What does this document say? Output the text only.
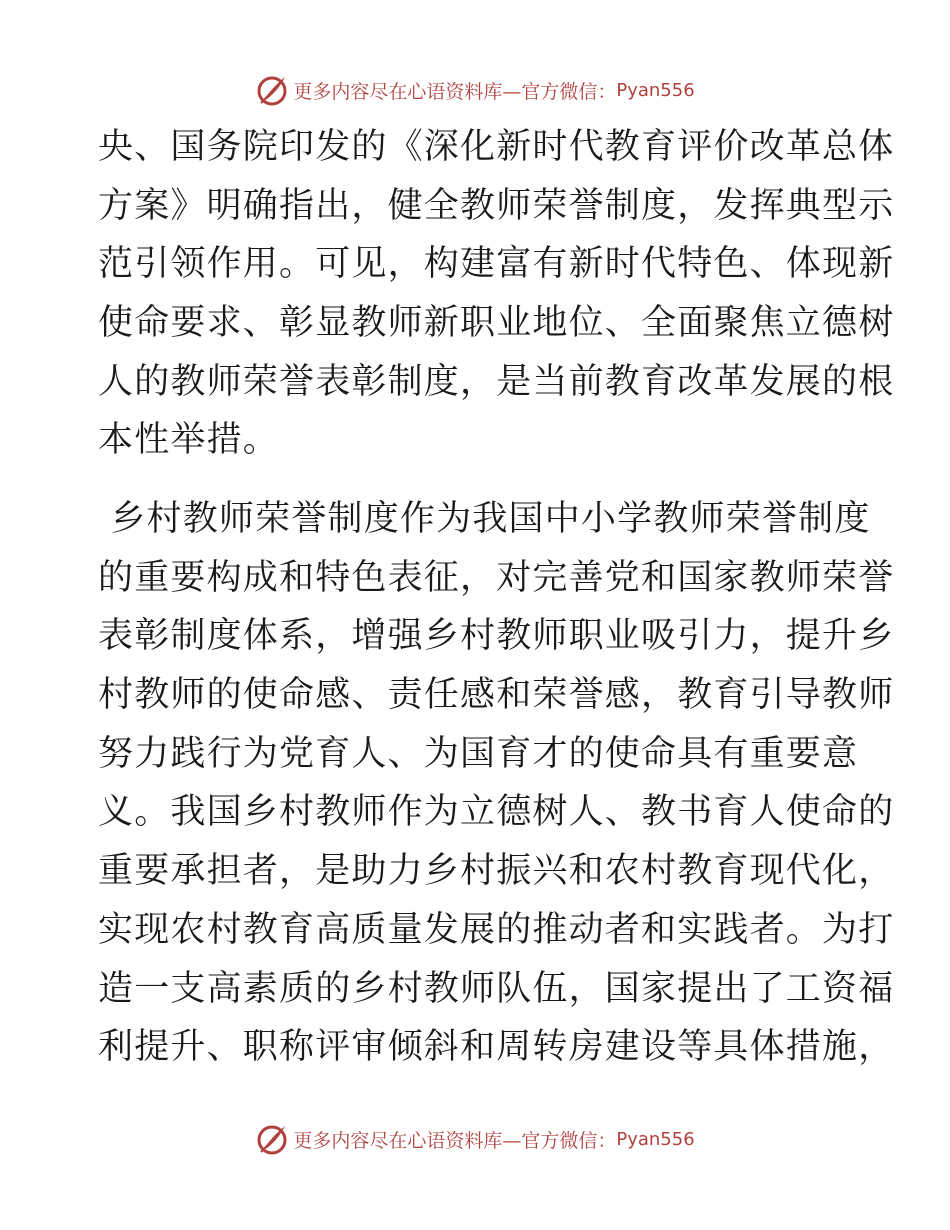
更多内容尽在心语资料库—官方微信： Pyan556
央、国务院印发的《深化新时代教育评价改革总体
方案》明确指出，健全教师荣誉制度，发挥典型示
范引领作用。可见，构建富有新时代特色、体现新
使命要求、彰显教师新职业地位、全面聚焦立德树
人的教师荣誉表彰制度，是当前教育改革发展的根
本性举措。
乡村教师荣誉制度作为我国中小学教师荣誉制度
的重要构成和特色表征，对完善党和国家教师荣誉
表彰制度体系，增强乡村教师职业吸引力，提升乡
村教师的使命感、责任感和荣誉感，教育引导教师
努力践行为党育人、为国育才的使命具有重要意
义。我国乡村教师作为立德树人、教书育人使命的
重要承担者，是助力乡村振兴和农村教育现代化，
实现农村教育高质量发展的推动者和实践者。为打
造一支高素质的乡村教师队伍，国家提出了工资福
利提升、职称评审倾斜和周转房建设等具体措施，
更多内容尽在心语资料库—官方微信： Pyan556
